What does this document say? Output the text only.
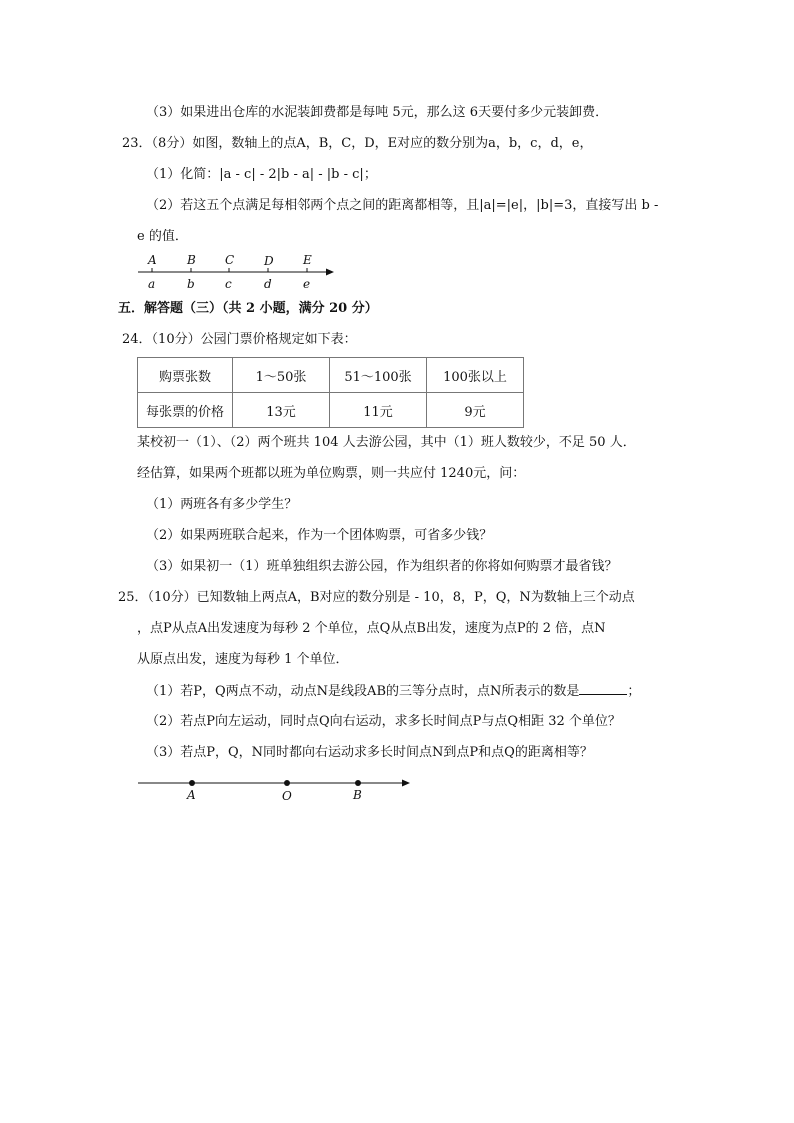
（3）如果进出仓库的水泥装卸费都是每吨 5元，那么这 6天要付多少元装卸费．
23．（8分）如图，数轴上的点A，B，C，D，E对应的数分别为a，b，c，d，e，
（1）化简：|a - c| - 2|b - a| - |b - c|；
（2）若这五个点满足每相邻两个点之间的距离都相等，且|a|=|e|，|b|=3，直接写出 b -
e 的值．
A	B C D E
a	b	c	d	e
五．解答题（三）（共 2 小题，满分 20 分）
24．（10分）公园门票价格规定如下表：
购票张数	1～50张	51～100张	100张以上
每张票的价格	13元	11元	9元
某校初一（1）、（2）两个班共 104 人去游公园，其中（1）班人数较少，不足 50 人．
经估算，如果两个班都以班为单位购票，则一共应付 1240元，问：
（1）两班各有多少学生？
（2）如果两班联合起来，作为一个团体购票，可省多少钱？
（3）如果初一（1）班单独组织去游公园，作为组织者的你将如何购票才最省钱？
25．（10分）已知数轴上两点A，B对应的数分别是 - 10，8，P，Q，N为数轴上三个动点
，点P从点A出发速度为每秒 2 个单位，点Q从点B出发，速度为点P的 2 倍，点N
从原点出发，速度为每秒 1 个单位．
（1）若P，Q两点不动，动点N是线段AB的三等分点时，点N所表示的数是	；
（2）若点P向左运动，同时点Q向右运动，求多长时间点P与点Q相距 32 个单位？
（3）若点P，Q，N同时都向右运动求多长时间点N到点P和点Q的距离相等？
A	O	B
